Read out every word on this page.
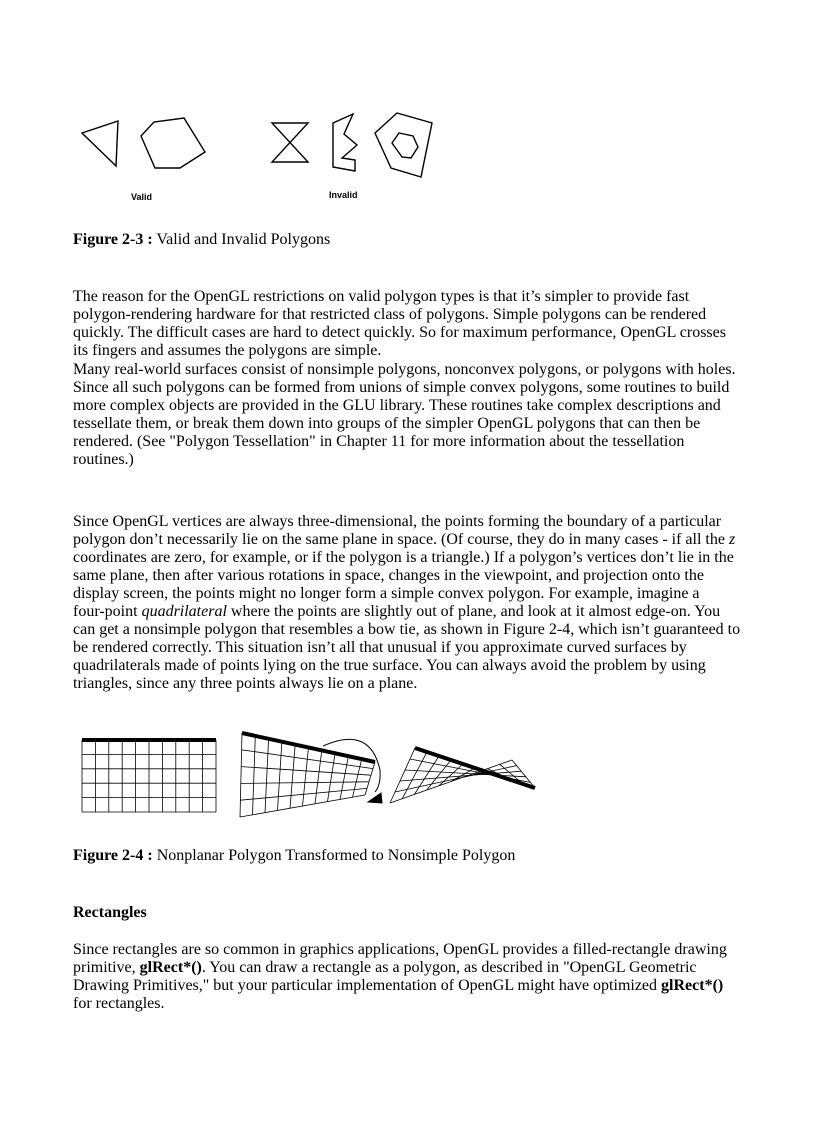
Valid	Invalid
Figure 2-3 : Valid and Invalid Polygons
The reason for the OpenGL restrictions on valid polygon types is that it’s simpler to provide fast
polygon-rendering hardware for that restricted class of polygons. Simple polygons can be rendered
quickly. The difficult cases are hard to detect quickly. So for maximum performance, OpenGL crosses
its fingers and assumes the polygons are simple.
Many real-world surfaces consist of nonsimple polygons, nonconvex polygons, or polygons with holes.
Since all such polygons can be formed from unions of simple convex polygons, some routines to build
more complex objects are provided in the GLU library. These routines take complex descriptions and
tessellate them, or break them down into groups of the simpler OpenGL polygons that can then be
rendered. (See "Polygon Tessellation" in Chapter 11 for more information about the tessellation
routines.)
Since OpenGL vertices are always three-dimensional, the points forming the boundary of a particular
polygon don’t necessarily lie on the same plane in space. (Of course, they do in many cases - if all the z
coordinates are zero, for example, or if the polygon is a triangle.) If a polygon’s vertices don’t lie in the
same plane, then after various rotations in space, changes in the viewpoint, and projection onto the
display screen, the points might no longer form a simple convex polygon. For example, imagine a
four-point quadrilateral where the points are slightly out of plane, and look at it almost edge-on. You
can get a nonsimple polygon that resembles a bow tie, as shown in Figure 2-4, which isn’t guaranteed to
be rendered correctly. This situation isn’t all that unusual if you approximate curved surfaces by
quadrilaterals made of points lying on the true surface. You can always avoid the problem by using
triangles, since any three points always lie on a plane.
Figure 2-4 : Nonplanar Polygon Transformed to Nonsimple Polygon
Rectangles
Since rectangles are so common in graphics applications, OpenGL provides a filled-rectangle drawing
primitive, glRect*(). You can draw a rectangle as a polygon, as described in "OpenGL Geometric
Drawing Primitives," but your particular implementation of OpenGL might have optimized glRect*()
for rectangles.
